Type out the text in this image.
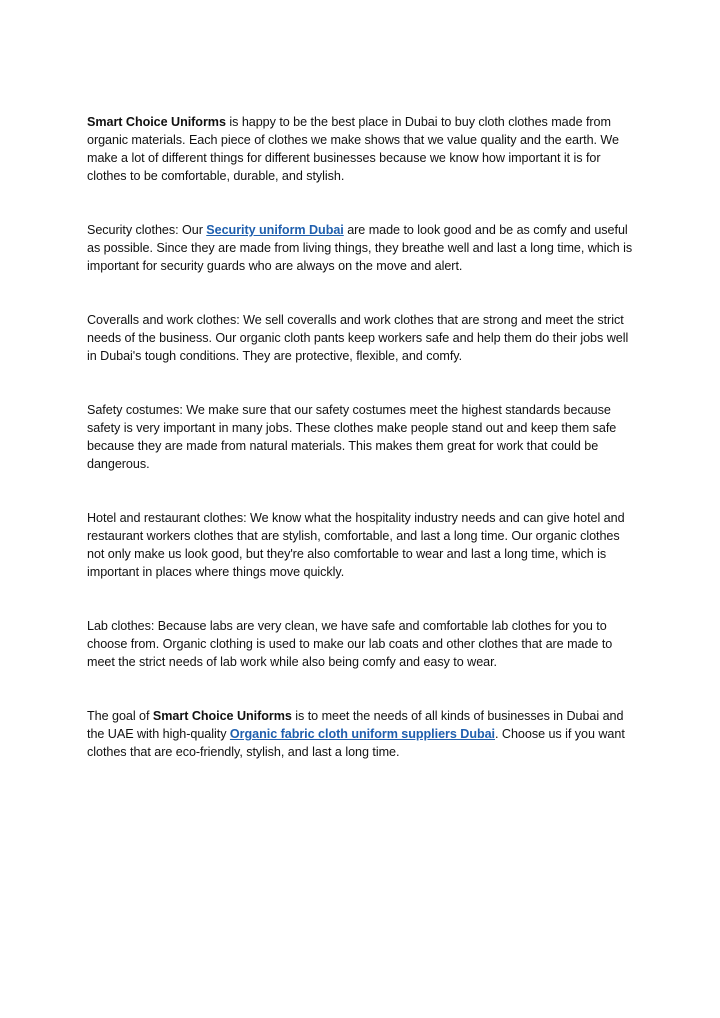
Smart Choice Uniforms is happy to be the best place in Dubai to buy cloth clothes made from organic materials. Each piece of clothes we make shows that we value quality and the earth. We make a lot of different things for different businesses because we know how important it is for clothes to be comfortable, durable, and stylish.

Security clothes: Our Security uniform Dubai are made to look good and be as comfy and useful as possible. Since they are made from living things, they breathe well and last a long time, which is important for security guards who are always on the move and alert.

Coveralls and work clothes: We sell coveralls and work clothes that are strong and meet the strict needs of the business. Our organic cloth pants keep workers safe and help them do their jobs well in Dubai's tough conditions. They are protective, flexible, and comfy.

Safety costumes: We make sure that our safety costumes meet the highest standards because safety is very important in many jobs. These clothes make people stand out and keep them safe because they are made from natural materials. This makes them great for work that could be dangerous.

Hotel and restaurant clothes: We know what the hospitality industry needs and can give hotel and restaurant workers clothes that are stylish, comfortable, and last a long time. Our organic clothes not only make us look good, but they're also comfortable to wear and last a long time, which is important in places where things move quickly.

Lab clothes: Because labs are very clean, we have safe and comfortable lab clothes for you to choose from. Organic clothing is used to make our lab coats and other clothes that are made to meet the strict needs of lab work while also being comfy and easy to wear.

The goal of Smart Choice Uniforms is to meet the needs of all kinds of businesses in Dubai and the UAE with high-quality Organic fabric cloth uniform suppliers Dubai. Choose us if you want clothes that are eco-friendly, stylish, and last a long time.
